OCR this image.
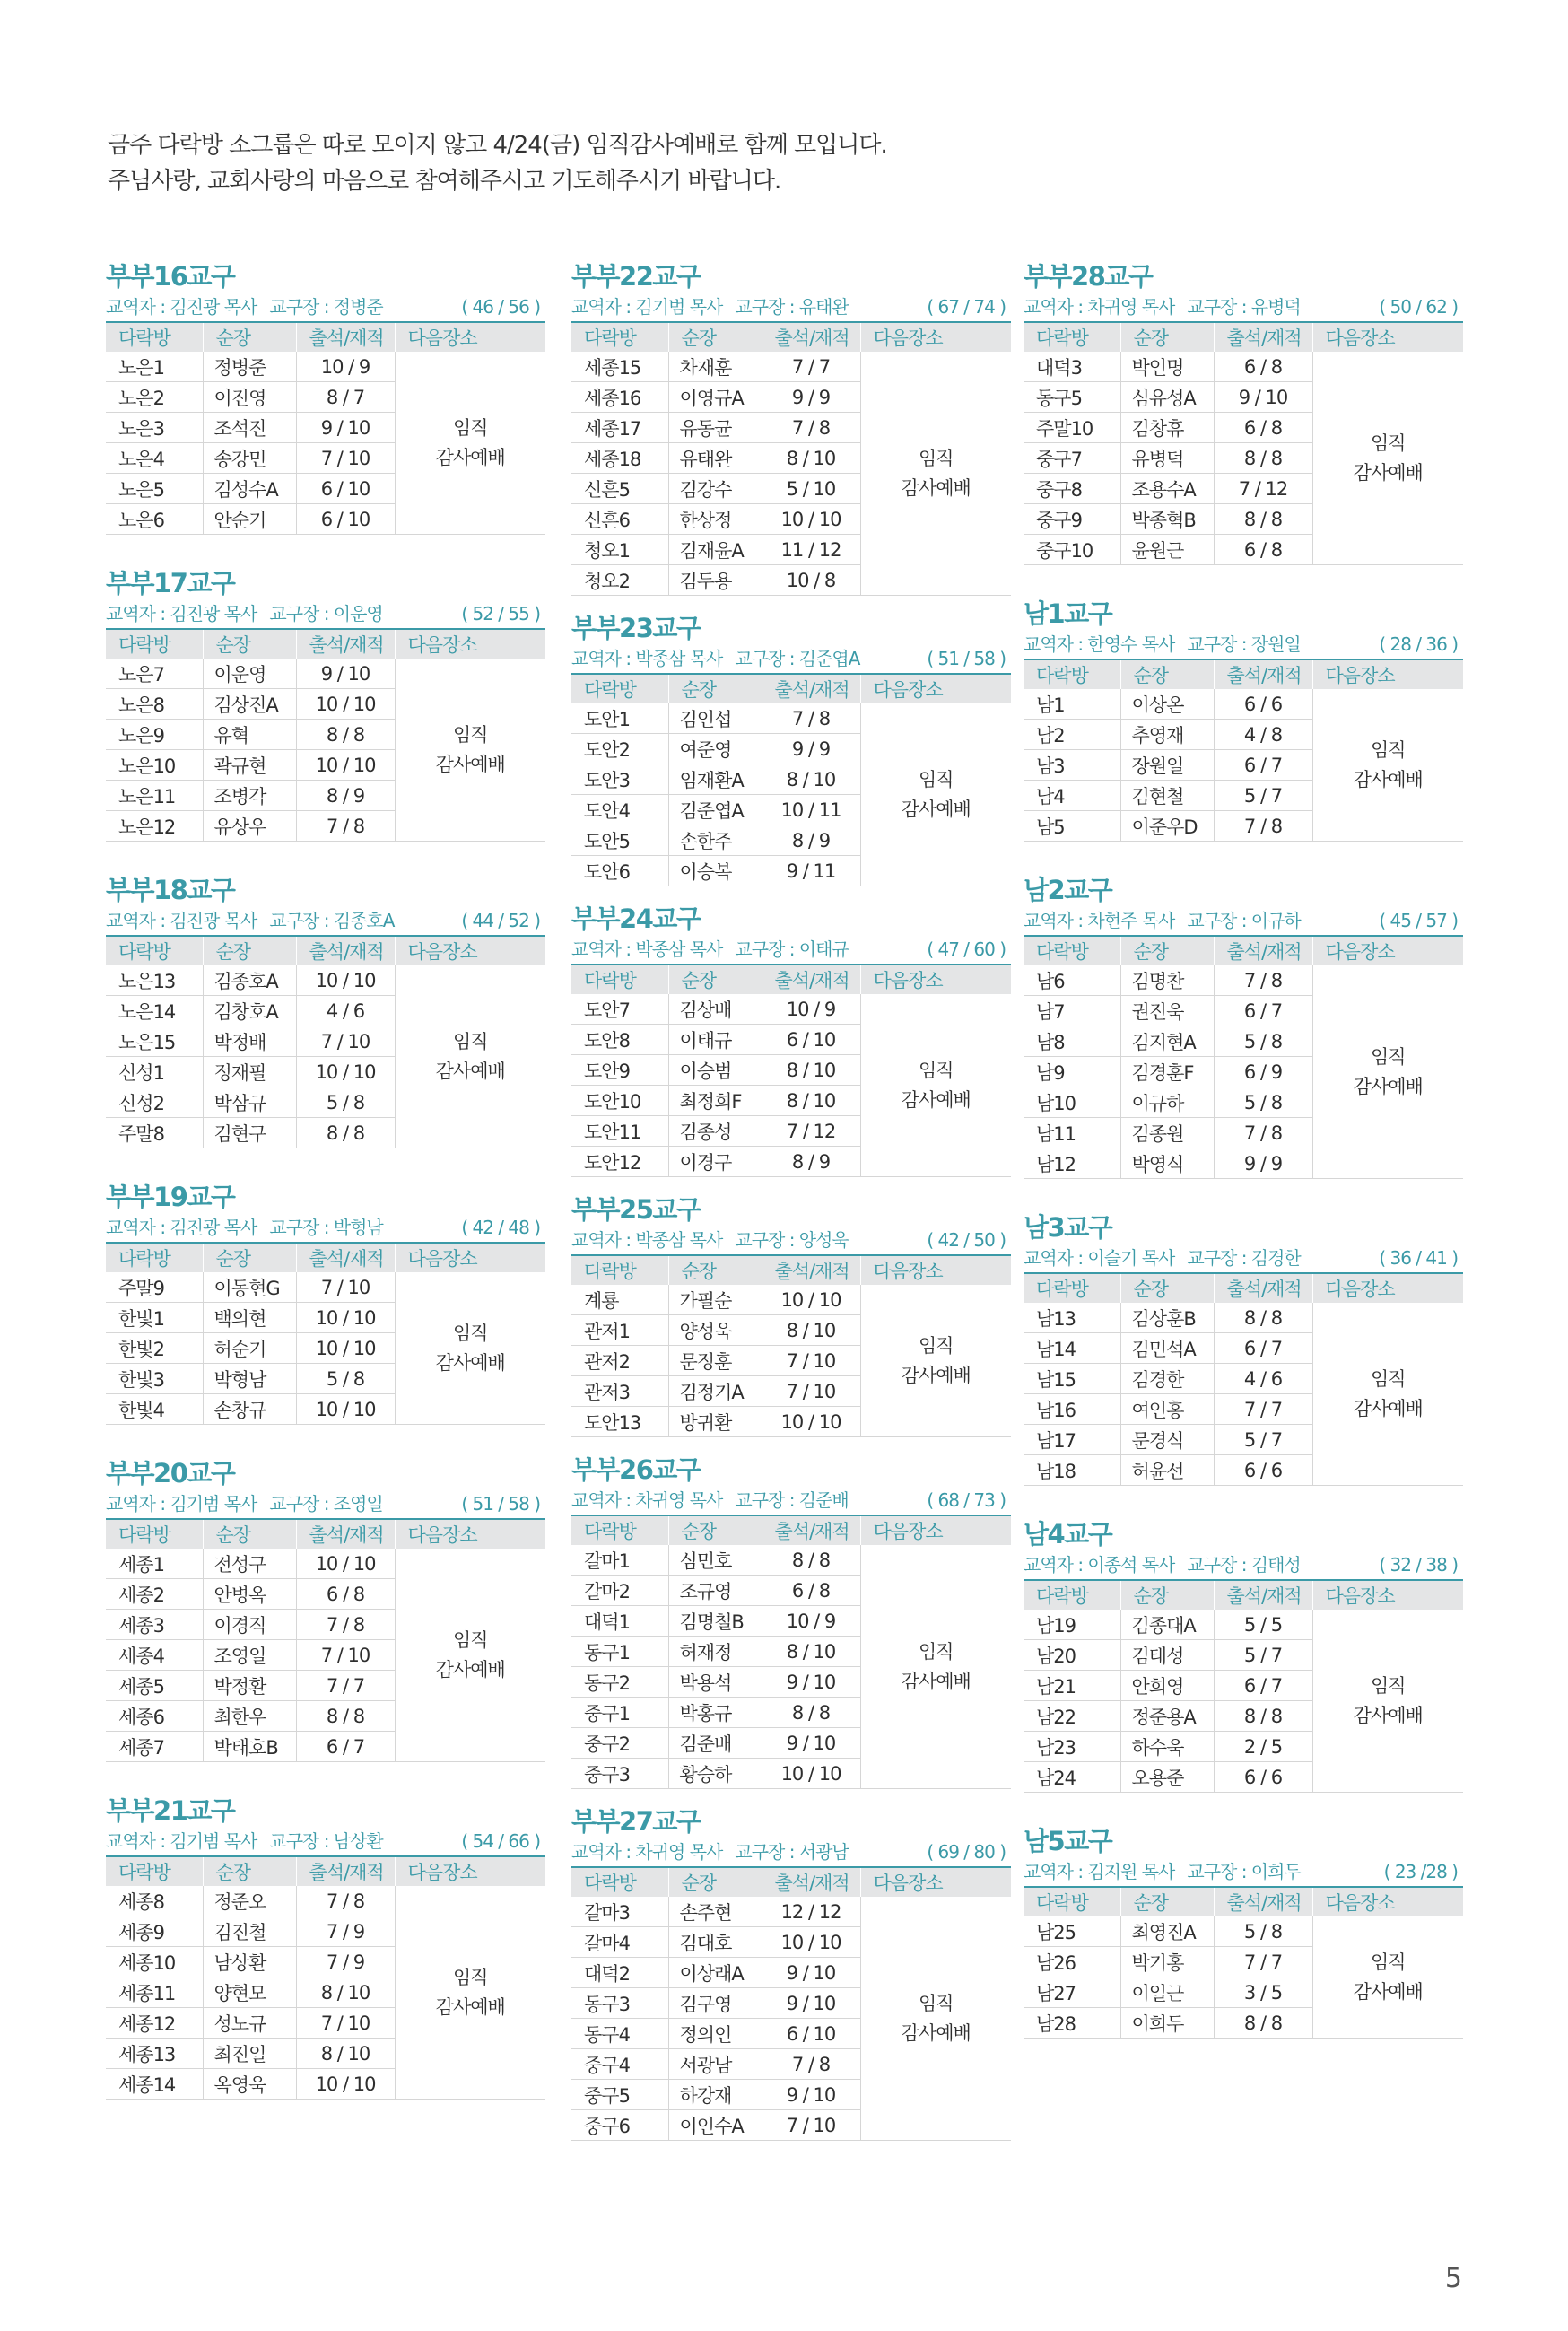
금주 다락방 소그룹은 따로 모이지 않고 4/24(금) 임직감사예배로 함께 모입니다.
주님사랑, 교회사랑의 마음으로 참여해주시고 기도해주시기 바랍니다.
부부16교구
교역자 : 김진광 목사 교구장 : 정병준	( 46 / 56 )
다락방	순장	출석/재적	다음장소
노은1	정병준	10 / 9	임직
감사예배

노은2	이진영	8 / 7	
노은3	조석진	9 / 10	
노은4	송강민	7 / 10	
노은5	김성수A	6 / 10	
노은6	안순기	6 / 10	
부부17교구
교역자 : 김진광 목사 교구장 : 이운영	( 52 / 55 )
다락방	순장	출석/재적	다음장소
노은7	이운영	9 / 10	임직
감사예배

노은8	김상진A	10 / 10	
노은9	유혁	8 / 8	
노은10	곽규현	10 / 10	
노은11	조병각	8 / 9	
노은12	유상우	7 / 8	
부부18교구
교역자 : 김진광 목사 교구장 : 김종호A	( 44 / 52 )
다락방	순장	출석/재적	다음장소
노은13	김종호A	10 / 10	임직
감사예배

노은14	김창호A	4 / 6	
노은15	박정배	7 / 10	
신성1	정재필	10 / 10	
신성2	박삼규	5 / 8	
주말8	김현구	8 / 8	
부부19교구
교역자 : 김진광 목사 교구장 : 박형남	( 42 / 48 )
다락방	순장	출석/재적	다음장소
주말9	이동현G	7 / 10	임직
감사예배

한빛1	백의현	10 / 10	
한빛2	허순기	10 / 10	
한빛3	박형남	5 / 8	
한빛4	손창규	10 / 10	
부부20교구
교역자 : 김기범 목사 교구장 : 조영일	( 51 / 58 )
다락방	순장	출석/재적	다음장소
세종1	전성구	10 / 10	임직
감사예배

세종2	안병옥	6 / 8	
세종3	이경직	7 / 8	
세종4	조영일	7 / 10	
세종5	박정환	7 / 7	
세종6	최한우	8 / 8	
세종7	박태호B	6 / 7	
부부21교구
교역자 : 김기범 목사 교구장 : 남상환	( 54 / 66 )
다락방	순장	출석/재적	다음장소
세종8	정준오	7 / 8	임직
감사예배

세종9	김진철	7 / 9	
세종10	남상환	7 / 9	
세종11	양현모	8 / 10	
세종12	성노규	7 / 10	
세종13	최진일	8 / 10	
세종14	옥영욱	10 / 10	
부부22교구
교역자 : 김기범 목사 교구장 : 유태완	( 67 / 74 )
다락방	순장	출석/재적	다음장소
세종15	차재훈	7 / 7	임직
감사예배

세종16	이영규A	9 / 9	
세종17	유동균	7 / 8	
세종18	유태완	8 / 10	
신흔5	김강수	5 / 10	
신흔6	한상정	10 / 10	
청오1	김재윤A	11 / 12	
청오2	김두용	10 / 8	
부부23교구
교역자 : 박종삼 목사 교구장 : 김준엽A	( 51 / 58 )
다락방	순장	출석/재적	다음장소
도안1	김인섭	7 / 8	임직
감사예배

도안2	여준영	9 / 9	
도안3	임재환A	8 / 10	
도안4	김준엽A	10 / 11	
도안5	손한주	8 / 9	
도안6	이승복	9 / 11	
부부24교구
교역자 : 박종삼 목사 교구장 : 이태규	( 47 / 60 )
다락방	순장	출석/재적	다음장소
도안7	김상배	10 / 9	임직
감사예배

도안8	이태규	6 / 10	
도안9	이승범	8 / 10	
도안10	최정희F	8 / 10	
도안11	김종성	7 / 12	
도안12	이경구	8 / 9	
부부25교구
교역자 : 박종삼 목사 교구장 : 양성욱	( 42 / 50 )
다락방	순장	출석/재적	다음장소
계룡	가필순	10 / 10	임직
감사예배

관저1	양성욱	8 / 10	
관저2	문정훈	7 / 10	
관저3	김정기A	7 / 10	
도안13	방귀환	10 / 10	
부부26교구
교역자 : 차귀영 목사 교구장 : 김준배	( 68 / 73 )
다락방	순장	출석/재적	다음장소
갈마1	심민호	8 / 8	임직
감사예배

갈마2	조규영	6 / 8	
대덕1	김명철B	10 / 9	
동구1	허재정	8 / 10	
동구2	박용석	9 / 10	
중구1	박홍규	8 / 8	
중구2	김준배	9 / 10	
중구3	황승하	10 / 10	
부부27교구
교역자 : 차귀영 목사 교구장 : 서광남	( 69 / 80 )
다락방	순장	출석/재적	다음장소
갈마3	손주현	12 / 12	임직
감사예배

갈마4	김대호	10 / 10	
대덕2	이상래A	9 / 10	
동구3	김구영	9 / 10	
동구4	정의인	6 / 10	
중구4	서광남	7 / 8	
중구5	하강재	9 / 10	
중구6	이인수A	7 / 10	
부부28교구
교역자 : 차귀영 목사 교구장 : 유병덕	( 50 / 62 )
다락방	순장	출석/재적	다음장소
대덕3	박인명	6 / 8	임직
감사예배

동구5	심유성A	9 / 10	
주말10	김창휴	6 / 8	
중구7	유병덕	8 / 8	
중구8	조용수A	7 / 12	
중구9	박종혁B	8 / 8	
중구10	윤원근	6 / 8	
남1교구
교역자 : 한영수 목사 교구장 : 장원일	( 28 / 36 )
다락방	순장	출석/재적	다음장소
남1	이상온	6 / 6	임직
감사예배

남2	추영재	4 / 8	
남3	장원일	6 / 7	
남4	김현철	5 / 7	
남5	이준우D	7 / 8	
남2교구
교역자 : 차현주 목사 교구장 : 이규하	( 45 / 57 )
다락방	순장	출석/재적	다음장소
남6	김명찬	7 / 8	임직
감사예배

남7	권진욱	6 / 7	
남8	김지현A	5 / 8	
남9	김경훈F	6 / 9	
남10	이규하	5 / 8	
남11	김종원	7 / 8	
남12	박영식	9 / 9	
남3교구
교역자 : 이슬기 목사 교구장 : 김경한	( 36 / 41 )
다락방	순장	출석/재적	다음장소
남13	김상훈B	8 / 8	임직
감사예배

남14	김민석A	6 / 7	
남15	김경한	4 / 6	
남16	여인홍	7 / 7	
남17	문경식	5 / 7	
남18	허윤선	6 / 6	
남4교구
교역자 : 이종석 목사 교구장 : 김태성	( 32 / 38 )
다락방	순장	출석/재적	다음장소
남19	김종대A	5 / 5	임직
감사예배

남20	김태성	5 / 7	
남21	안희영	6 / 7	
남22	정준용A	8 / 8	
남23	하수욱	2 / 5	
남24	오용준	6 / 6	
남5교구
교역자 : 김지원 목사 교구장 : 이희두	( 23 /28 )
다락방	순장	출석/재적	다음장소
남25	최영진A	5 / 8	임직
감사예배

남26	박기홍	7 / 7	
남27	이일근	3 / 5	
남28	이희두	8 / 8	
5
